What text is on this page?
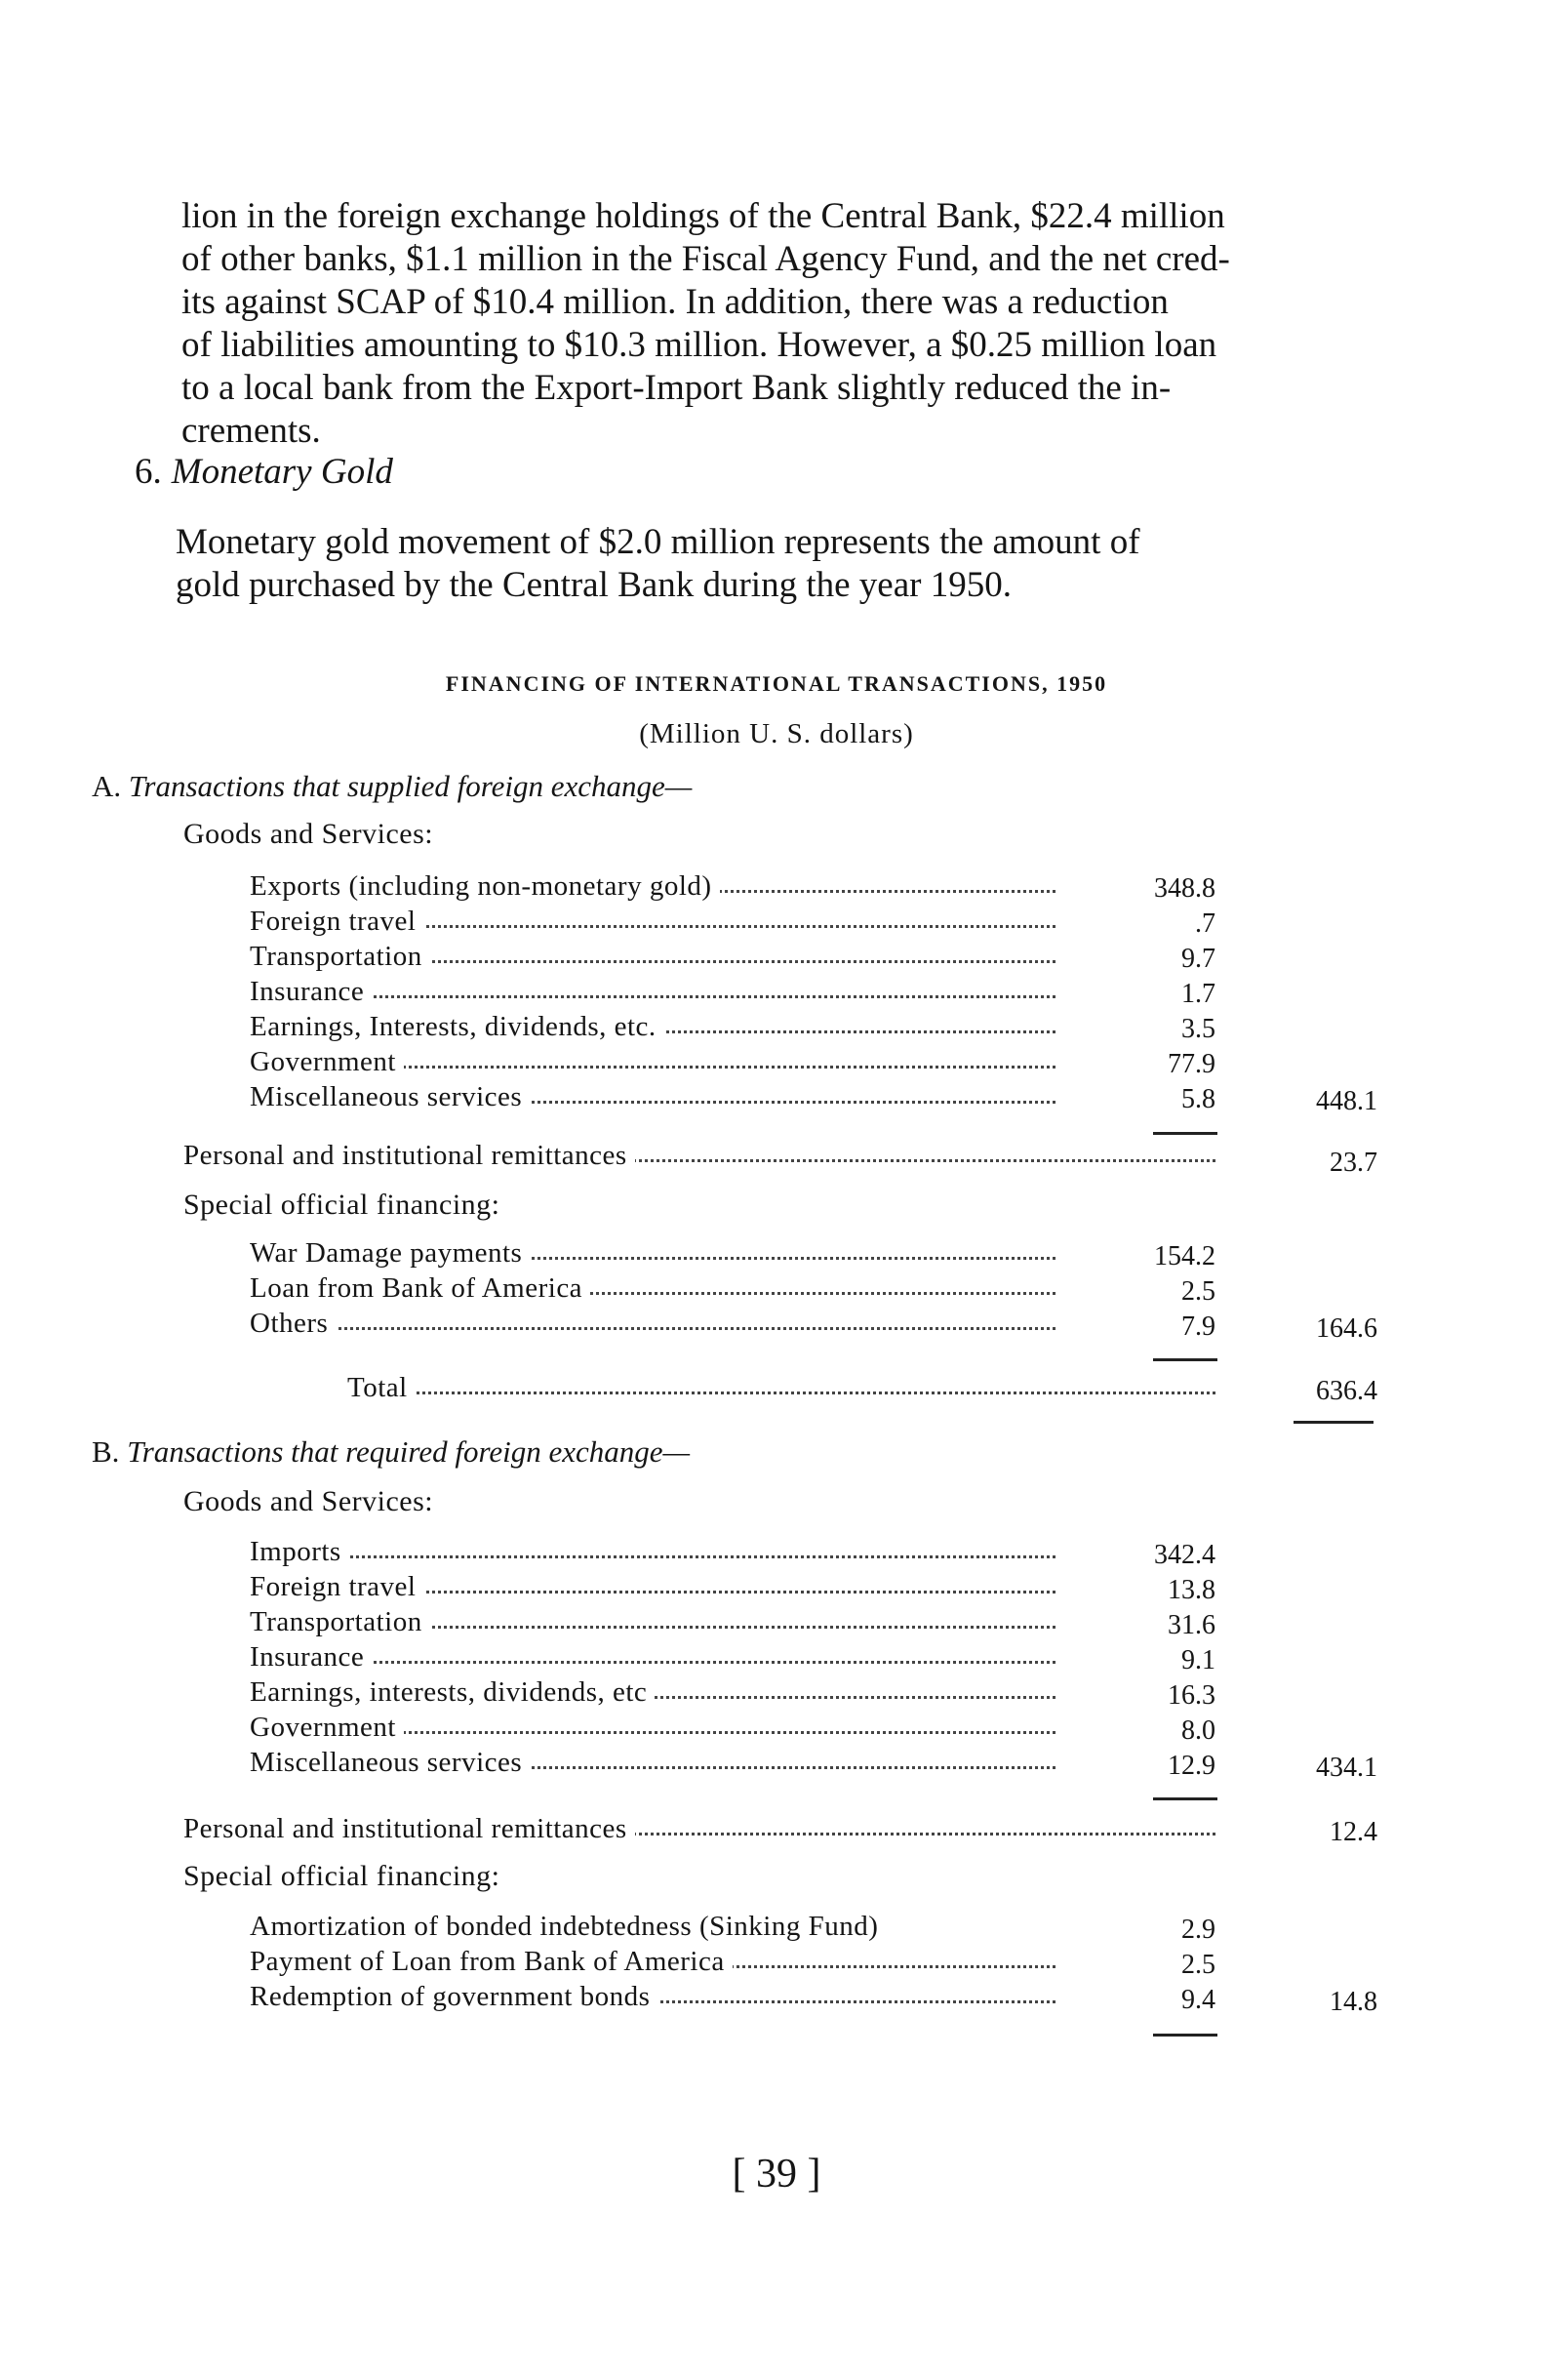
lion in the foreign exchange holdings of the Central Bank, $22.4 million
of other banks, $1.1 million in the Fiscal Agency Fund, and the net cred-
its against SCAP of $10.4 million. In addition, there was a reduction
of liabilities amounting to $10.3 million. However, a $0.25 million loan
to a local bank from the Export-Import Bank slightly reduced the in-
crements.

6. Monetary Gold

Monetary gold movement of $2.0 million represents the amount of
gold purchased by the Central Bank during the year 1950.

FINANCING OF INTERNATIONAL TRANSACTIONS, 1950
(Million U. S. dollars)
A. Transactions that supplied foreign exchange—
Goods and Services:
Exports (including non-monetary gold)	348.8
Foreign travel	.7
Transportation	9.7
Insurance	1.7
Earnings, Interests, dividends, etc.	3.5
Government	77.9
Miscellaneous services	5.8	448.1
Personal and institutional remittances	23.7
Special official financing:
War Damage payments	154.2
Loan from Bank of America	2.5
Others	7.9	164.6
Total	636.4
B. Transactions that required foreign exchange—
Goods and Services:
Imports	342.4
Foreign travel	13.8
Transportation	31.6
Insurance	9.1
Earnings, interests, dividends, etc	16.3
Government	8.0
Miscellaneous services	12.9	434.1
Personal and institutional remittances	12.4
Special official financing:
Amortization of bonded indebtedness (Sinking Fund)	2.9
Payment of Loan from Bank of America	2.5
Redemption of government bonds	9.4	14.8
[ 39 ]
